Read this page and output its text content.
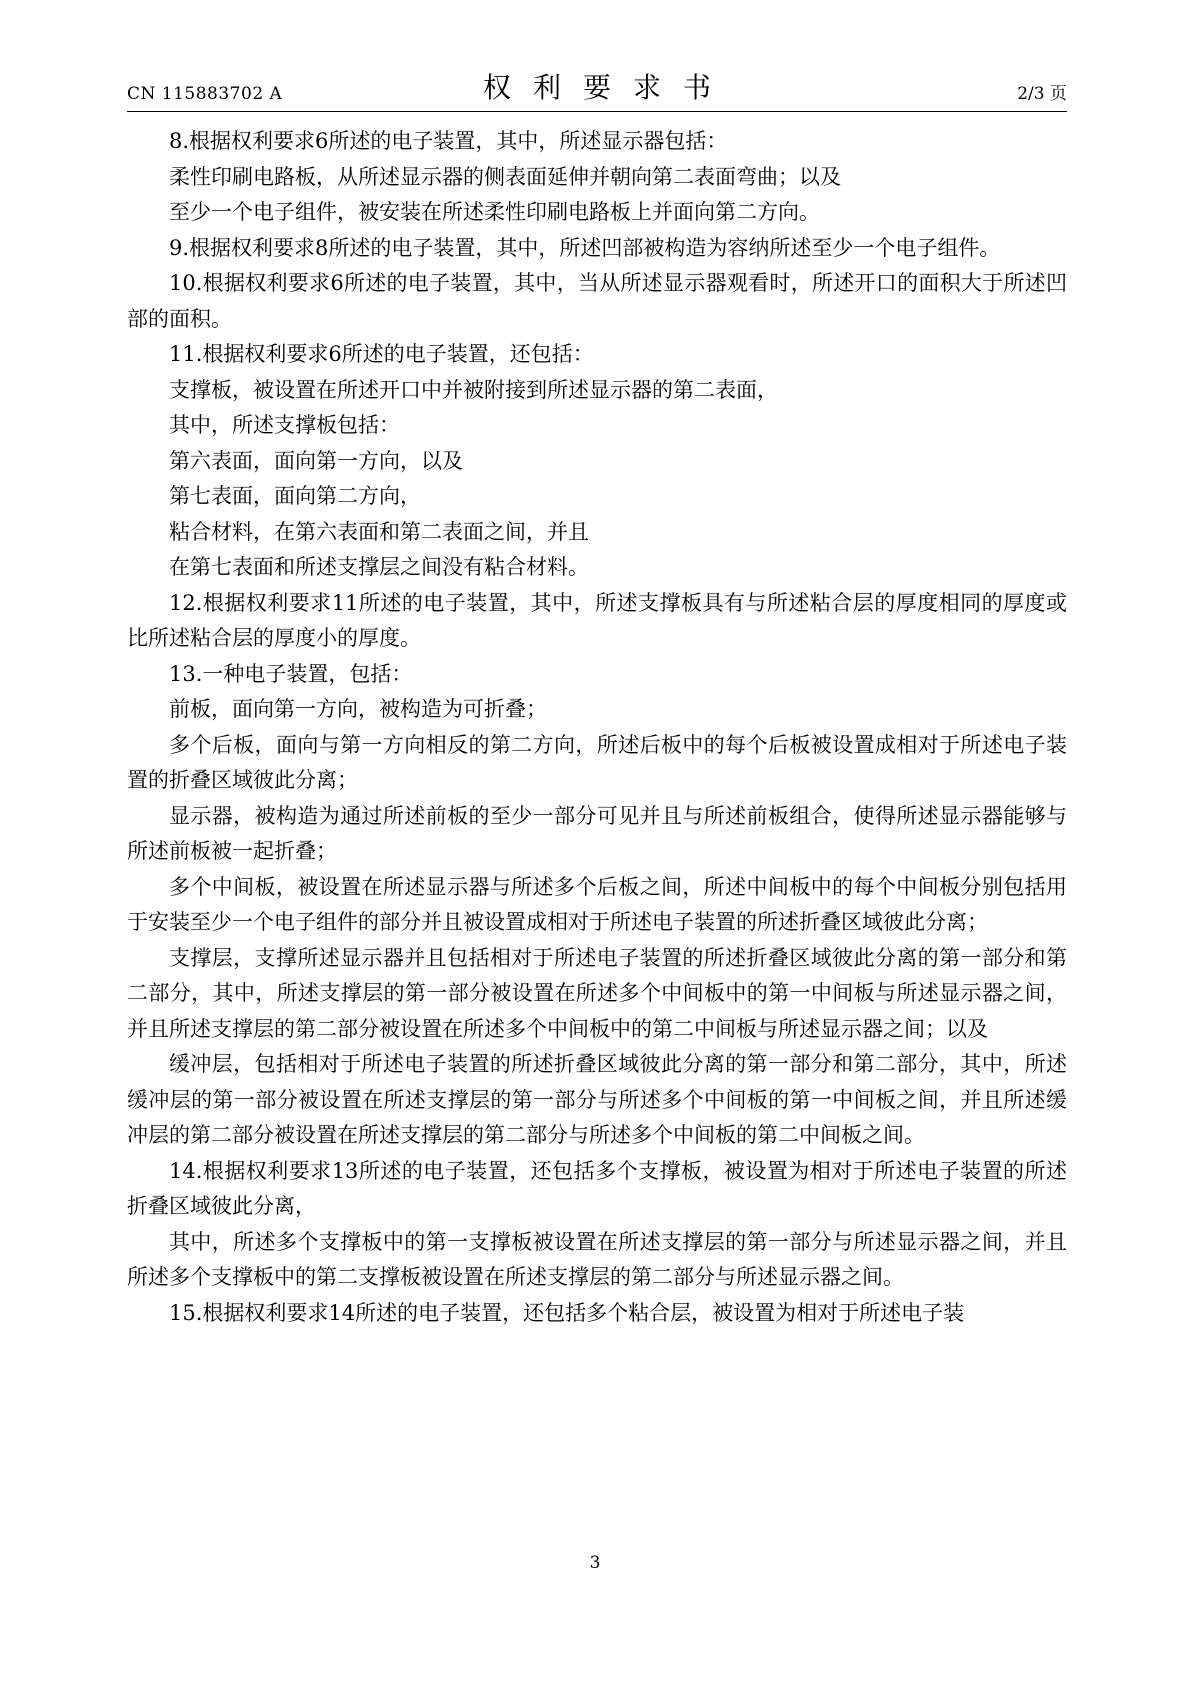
CN 115883702 A	权利要求书	2/3 页

8.根据权利要求6所述的电子装置，其中，所述显示器包括：

柔性印刷电路板，从所述显示器的侧表面延伸并朝向第二表面弯曲；以及

至少一个电子组件，被安装在所述柔性印刷电路板上并面向第二方向。

9.根据权利要求8所述的电子装置，其中，所述凹部被构造为容纳所述至少一个电子组件。

10.根据权利要求6所述的电子装置，其中，当从所述显示器观看时，所述开口的面积大于所述凹部的面积。

11.根据权利要求6所述的电子装置，还包括：

支撑板，被设置在所述开口中并被附接到所述显示器的第二表面，

其中，所述支撑板包括：

第六表面，面向第一方向，以及

第七表面，面向第二方向，

粘合材料，在第六表面和第二表面之间，并且

在第七表面和所述支撑层之间没有粘合材料。

12.根据权利要求11所述的电子装置，其中，所述支撑板具有与所述粘合层的厚度相同的厚度或比所述粘合层的厚度小的厚度。

13.一种电子装置，包括：

前板，面向第一方向，被构造为可折叠；

多个后板，面向与第一方向相反的第二方向，所述后板中的每个后板被设置成相对于所述电子装置的折叠区域彼此分离；

显示器，被构造为通过所述前板的至少一部分可见并且与所述前板组合，使得所述显示器能够与所述前板被一起折叠；

多个中间板，被设置在所述显示器与所述多个后板之间，所述中间板中的每个中间板分别包括用于安装至少一个电子组件的部分并且被设置成相对于所述电子装置的所述折叠区域彼此分离；

支撑层，支撑所述显示器并且包括相对于所述电子装置的所述折叠区域彼此分离的第一部分和第二部分，其中，所述支撑层的第一部分被设置在所述多个中间板中的第一中间板与所述显示器之间，并且所述支撑层的第二部分被设置在所述多个中间板中的第二中间板与所述显示器之间；以及

缓冲层，包括相对于所述电子装置的所述折叠区域彼此分离的第一部分和第二部分，其中，所述缓冲层的第一部分被设置在所述支撑层的第一部分与所述多个中间板的第一中间板之间，并且所述缓冲层的第二部分被设置在所述支撑层的第二部分与所述多个中间板的第二中间板之间。

14.根据权利要求13所述的电子装置，还包括多个支撑板，被设置为相对于所述电子装置的所述折叠区域彼此分离，

其中，所述多个支撑板中的第一支撑板被设置在所述支撑层的第一部分与所述显示器之间，并且所述多个支撑板中的第二支撑板被设置在所述支撑层的第二部分与所述显示器之间。

15.根据权利要求14所述的电子装置，还包括多个粘合层，被设置为相对于所述电子装

3
